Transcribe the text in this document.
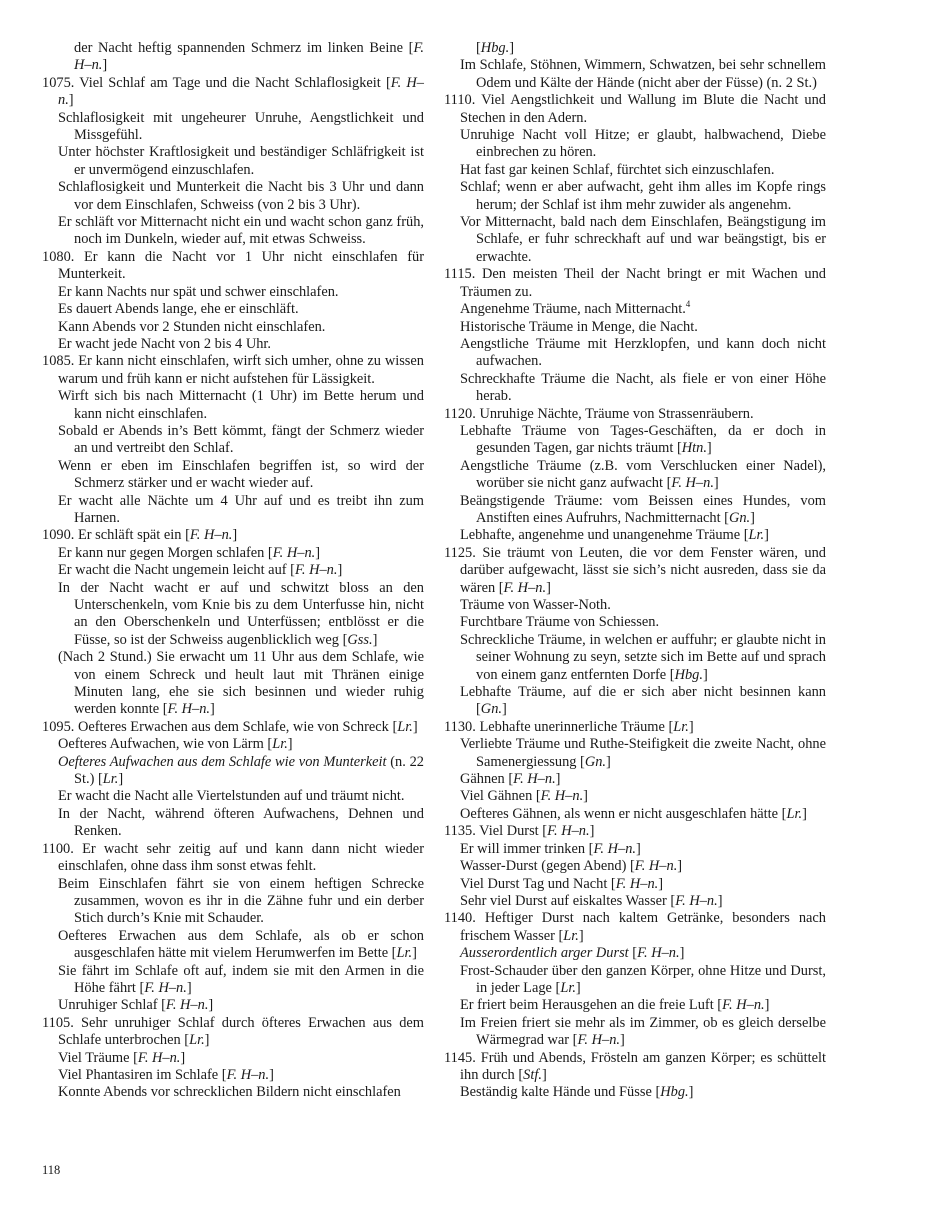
der Nacht heftig spannenden Schmerz im linken Beine [F. H–n.]

1075. Viel Schlaf am Tage und die Nacht Schlaflosigkeit [F. H–n.]

Schlaflosigkeit mit ungeheurer Unruhe, Aengstlichkeit und Missgefühl.

Unter höchster Kraftlosigkeit und beständiger Schläfrigkeit ist er unvermögend einzuschlafen.

Schlaflosigkeit und Munterkeit die Nacht bis 3 Uhr und dann vor dem Einschlafen, Schweiss (von 2 bis 3 Uhr).

Er schläft vor Mitternacht nicht ein und wacht schon ganz früh, noch im Dunkeln, wieder auf, mit etwas Schweiss.

1080. Er kann die Nacht vor 1 Uhr nicht einschlafen für Munterkeit.

Er kann Nachts nur spät und schwer einschlafen.

Es dauert Abends lange, ehe er einschläft.

Kann Abends vor 2 Stunden nicht einschlafen.

Er wacht jede Nacht von 2 bis 4 Uhr.

1085. Er kann nicht einschlafen, wirft sich umher, ohne zu wissen warum und früh kann er nicht aufstehen für Lässigkeit.

Wirft sich bis nach Mitternacht (1 Uhr) im Bette herum und kann nicht einschlafen.

Sobald er Abends in’s Bett kömmt, fängt der Schmerz wieder an und vertreibt den Schlaf.

Wenn er eben im Einschlafen begriffen ist, so wird der Schmerz stärker und er wacht wieder auf.

Er wacht alle Nächte um 4 Uhr auf und es treibt ihn zum Harnen.

1090. Er schläft spät ein [F. H–n.]

Er kann nur gegen Morgen schlafen [F. H–n.]

Er wacht die Nacht ungemein leicht auf [F. H–n.]

In der Nacht wacht er auf und schwitzt bloss an den Unterschenkeln, vom Knie bis zu dem Unterfusse hin, nicht an den Oberschenkeln und Unterfüssen; entblösst er die Füsse, so ist der Schweiss augenblicklich weg [Gss.]

(Nach 2 Stund.) Sie erwacht um 11 Uhr aus dem Schlafe, wie von einem Schreck und heult laut mit Thränen einige Minuten lang, ehe sie sich besinnen und wieder ruhig werden konnte [F. H–n.]

1095. Oefteres Erwachen aus dem Schlafe, wie von Schreck [Lr.]

Oefteres Aufwachen, wie von Lärm [Lr.]

Oefteres Aufwachen aus dem Schlafe wie von Munterkeit (n. 22 St.) [Lr.]

Er wacht die Nacht alle Viertelstunden auf und träumt nicht.

In der Nacht, während öfteren Aufwachens, Dehnen und Renken.

1100. Er wacht sehr zeitig auf und kann dann nicht wieder einschlafen, ohne dass ihm sonst etwas fehlt.

Beim Einschlafen fährt sie von einem heftigen Schrecke zusammen, wovon es ihr in die Zähne fuhr und ein derber Stich durch’s Knie mit Schauder.

Oefteres Erwachen aus dem Schlafe, als ob er schon ausgeschlafen hätte mit vielem Herumwerfen im Bette [Lr.]

Sie fährt im Schlafe oft auf, indem sie mit den Armen in die Höhe fährt [F. H–n.]

Unruhiger Schlaf [F. H–n.]

1105. Sehr unruhiger Schlaf durch öfteres Erwachen aus dem Schlafe unterbrochen [Lr.]

Viel Träume [F. H–n.]

Viel Phantasiren im Schlafe [F. H–n.]

Konnte Abends vor schrecklichen Bildern nicht einschlafen

[Hbg.]

Im Schlafe, Stöhnen, Wimmern, Schwatzen, bei sehr schnellem Odem und Kälte der Hände (nicht aber der Füsse) (n. 2 St.)

1110. Viel Aengstlichkeit und Wallung im Blute die Nacht und Stechen in den Adern.

Unruhige Nacht voll Hitze; er glaubt, halbwachend, Diebe einbrechen zu hören.

Hat fast gar keinen Schlaf, fürchtet sich einzuschlafen.

Schlaf; wenn er aber aufwacht, geht ihm alles im Kopfe rings herum; der Schlaf ist ihm mehr zuwider als angenehm.

Vor Mitternacht, bald nach dem Einschlafen, Beängstigung im Schlafe, er fuhr schreckhaft auf und war beängstigt, bis er erwachte.

1115. Den meisten Theil der Nacht bringt er mit Wachen und Träumen zu.

Angenehme Träume, nach Mitternacht.$^4$

Historische Träume in Menge, die Nacht.

Aengstliche Träume mit Herzklopfen, und kann doch nicht aufwachen.

Schreckhafte Träume die Nacht, als fiele er von einer Höhe herab.

1120. Unruhige Nächte, Träume von Strassenräubern.

Lebhafte Träume von Tages-Geschäften, da er doch in gesunden Tagen, gar nichts träumt [Htn.]

Aengstliche Träume (z.B. vom Verschlucken einer Nadel), worüber sie nicht ganz aufwacht [F. H–n.]

Beängstigende Träume: vom Beissen eines Hundes, vom Anstiften eines Aufruhrs, Nachmitternacht [Gn.]

Lebhafte, angenehme und unangenehme Träume [Lr.]

1125. Sie träumt von Leuten, die vor dem Fenster wären, und darüber aufgewacht, lässt sie sich’s nicht ausreden, dass sie da wären [F. H–n.]

Träume von Wasser-Noth.

Furchtbare Träume von Schiessen.

Schreckliche Träume, in welchen er auffuhr; er glaubte nicht in seiner Wohnung zu seyn, setzte sich im Bette auf und sprach von einem ganz entfernten Dorfe [Hbg.]

Lebhafte Träume, auf die er sich aber nicht besinnen kann [Gn.]

1130. Lebhafte unerinnerliche Träume [Lr.]

Verliebte Träume und Ruthe-Steifigkeit die zweite Nacht, ohne Samenergiessung [Gn.]

Gähnen [F. H–n.]

Viel Gähnen [F. H–n.]

Oefteres Gähnen, als wenn er nicht ausgeschlafen hätte [Lr.]

1135. Viel Durst [F. H–n.]

Er will immer trinken [F. H–n.]

Wasser-Durst (gegen Abend) [F. H–n.]

Viel Durst Tag und Nacht [F. H–n.]

Sehr viel Durst auf eiskaltes Wasser [F. H–n.]

1140. Heftiger Durst nach kaltem Getränke, besonders nach frischem Wasser [Lr.]

Ausserordentlich arger Durst [F. H–n.]

Frost-Schauder über den ganzen Körper, ohne Hitze und Durst, in jeder Lage [Lr.]

Er friert beim Herausgehen an die freie Luft [F. H–n.]

Im Freien friert sie mehr als im Zimmer, ob es gleich derselbe Wärmegrad war [F. H–n.]

1145. Früh und Abends, Frösteln am ganzen Körper; es schüttelt ihn durch [Stf.]

Beständig kalte Hände und Füsse [Hbg.]

118
